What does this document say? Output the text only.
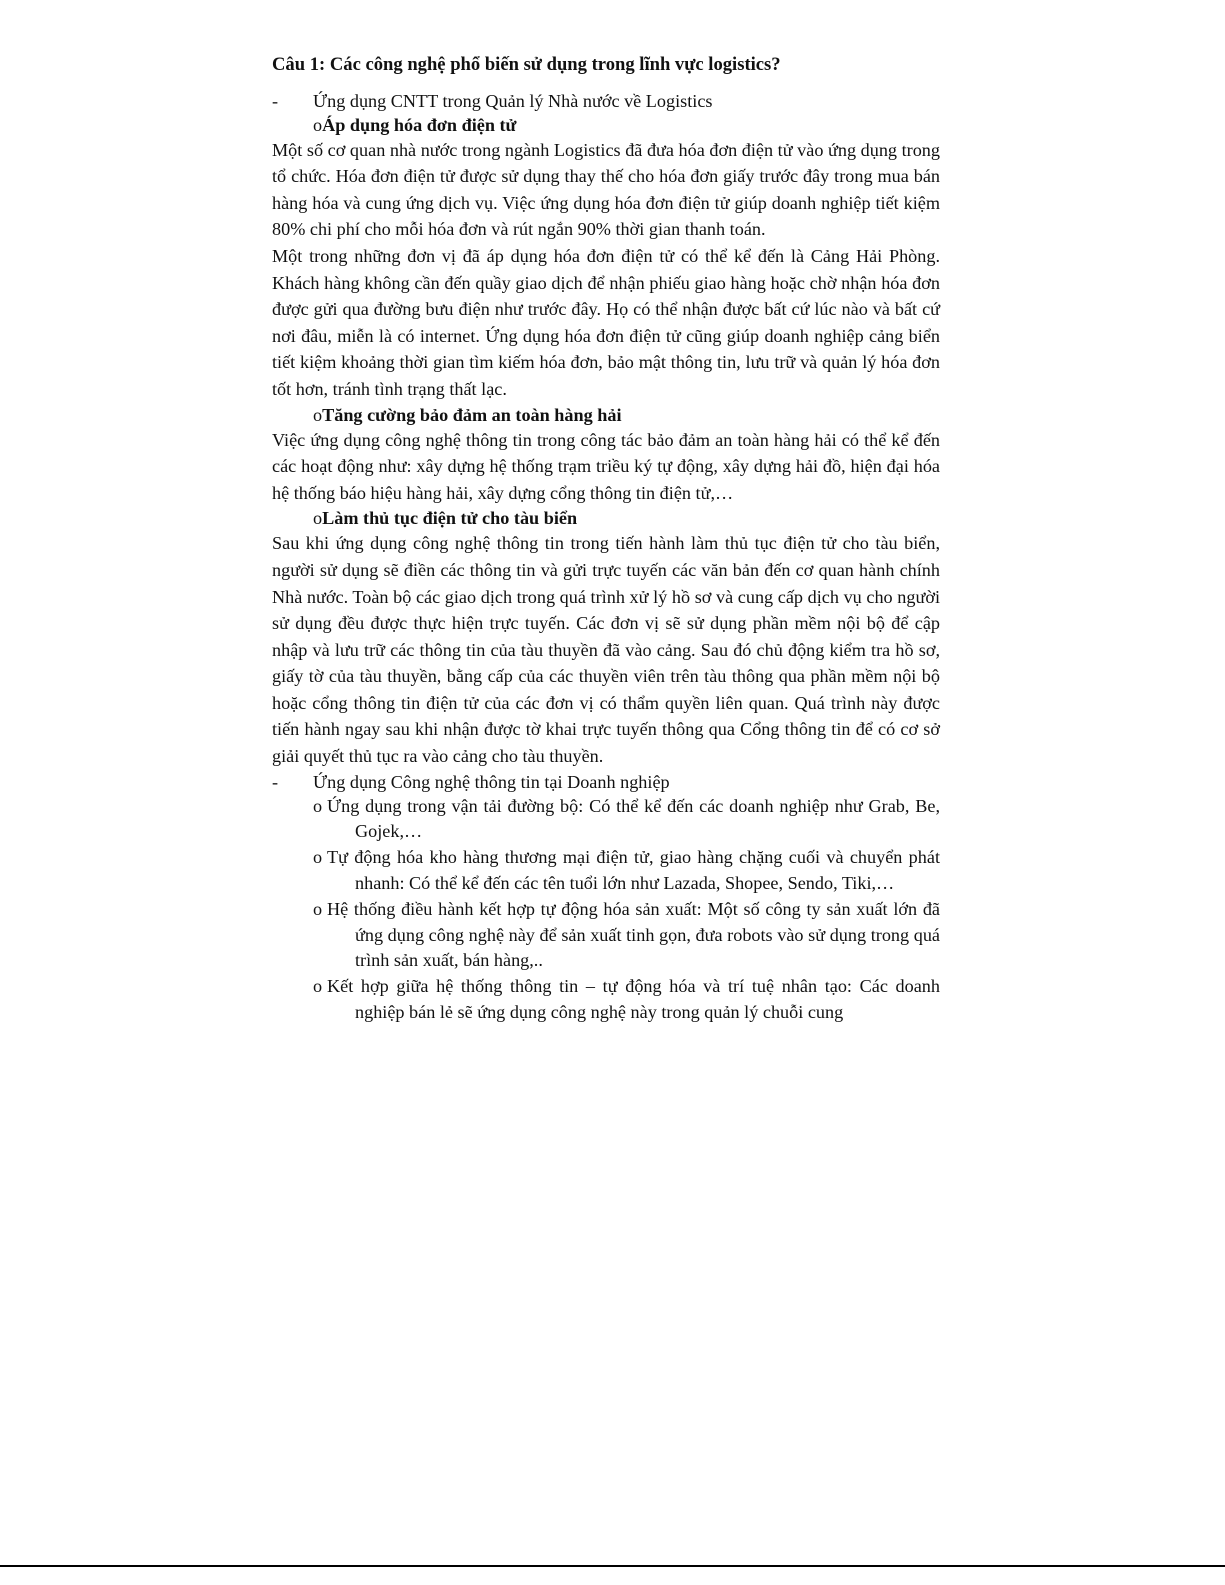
Câu 1: Các công nghệ phổ biến sử dụng trong lĩnh vực logistics?
- Ứng dụng CNTT trong Quản lý Nhà nước về Logistics
oÁp dụng hóa đơn điện tử

Một số cơ quan nhà nước trong ngành Logistics đã đưa hóa đơn điện tử vào ứng dụng trong tổ chức. Hóa đơn điện tử được sử dụng thay thế cho hóa đơn giấy trước đây trong mua bán hàng hóa và cung ứng dịch vụ. Việc ứng dụng hóa đơn điện tử giúp doanh nghiệp tiết kiệm 80% chi phí cho mỗi hóa đơn và rút ngắn 90% thời gian thanh toán.

Một trong những đơn vị đã áp dụng hóa đơn điện tử có thể kể đến là Cảng Hải Phòng. Khách hàng không cần đến quầy giao dịch để nhận phiếu giao hàng hoặc chờ nhận hóa đơn được gửi qua đường bưu điện như trước đây. Họ có thể nhận được bất cứ lúc nào và bất cứ nơi đâu, miễn là có internet. Ứng dụng hóa đơn điện tử cũng giúp doanh nghiệp cảng biển tiết kiệm khoảng thời gian tìm kiếm hóa đơn, bảo mật thông tin, lưu trữ và quản lý hóa đơn tốt hơn, tránh tình trạng thất lạc.

oTăng cường bảo đảm an toàn hàng hải

Việc ứng dụng công nghệ thông tin trong công tác bảo đảm an toàn hàng hải có thể kể đến các hoạt động như: xây dựng hệ thống trạm triều ký tự động, xây dựng hải đồ, hiện đại hóa hệ thống báo hiệu hàng hải, xây dựng cổng thông tin điện tử,…

oLàm thủ tục điện tử cho tàu biển

Sau khi ứng dụng công nghệ thông tin trong tiến hành làm thủ tục điện tử cho tàu biển, người sử dụng sẽ điền các thông tin và gửi trực tuyến các văn bản đến cơ quan hành chính Nhà nước. Toàn bộ các giao dịch trong quá trình xử lý hồ sơ và cung cấp dịch vụ cho người sử dụng đều được thực hiện trực tuyến. Các đơn vị sẽ sử dụng phần mềm nội bộ để cập nhập và lưu trữ các thông tin của tàu thuyền đã vào cảng. Sau đó chủ động kiểm tra hồ sơ, giấy tờ của tàu thuyền, bằng cấp của các thuyền viên trên tàu thông qua phần mềm nội bộ hoặc cổng thông tin điện tử của các đơn vị có thẩm quyền liên quan. Quá trình này được tiến hành ngay sau khi nhận được tờ khai trực tuyến thông qua Cổng thông tin để có cơ sở giải quyết thủ tục ra vào cảng cho tàu thuyền.

- Ứng dụng Công nghệ thông tin tại Doanh nghiệp
o Ứng dụng trong vận tải đường bộ: Có thể kể đến các doanh nghiệp như Grab, Be, Gojek,…
o Tự động hóa kho hàng thương mại điện tử, giao hàng chặng cuối và chuyển phát nhanh: Có thể kể đến các tên tuổi lớn như Lazada, Shopee, Sendo, Tiki,…
o Hệ thống điều hành kết hợp tự động hóa sản xuất: Một số công ty sản xuất lớn đã ứng dụng công nghệ này để sản xuất tinh gọn, đưa robots vào sử dụng trong quá trình sản xuất, bán hàng,..
o Kết hợp giữa hệ thống thông tin – tự động hóa và trí tuệ nhân tạo: Các doanh nghiệp bán lẻ sẽ ứng dụng công nghệ này trong quản lý chuỗi cung
